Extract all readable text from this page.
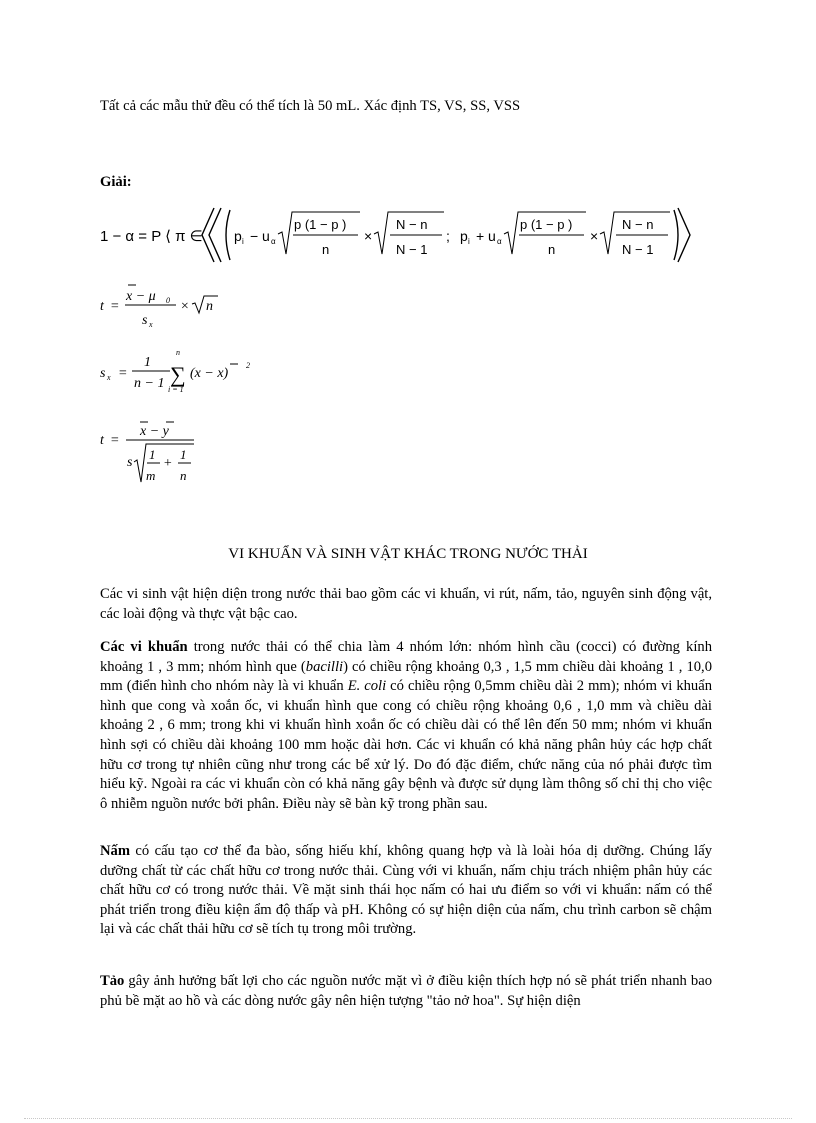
Tất cả các mẫu thử đều có thể tích là 50 mL. Xác định TS, VS, SS, VSS
Giải:
1 − α = P ⟨ π ∈ p i − u α
p (1 − p )
n
×
N − n
N − 1
; p i + u α
p (1 − p )
n
×
N − n
N − 1
t =
x − μ 0
s x
× n
s x =
1
n − 1
n
∑
i = 1
(x − x)
2
t =
x − y
s
1
m
+
1
n
VI KHUẨN VÀ SINH VẬT KHÁC TRONG NƯỚC THẢI
Các vi sinh vật hiện diện trong nước thải bao gồm các vi khuẩn, vi rút, nấm, tảo, nguyên sinh động vật, các loài động và thực vật bậc cao.
Các vi khuẩn trong nước thải có thể chia làm 4 nhóm lớn: nhóm hình cầu (cocci) có đường kính khoảng 1 , 3 mm; nhóm hình que (bacilli) có chiều rộng khoảng 0,3 , 1,5 mm chiều dài khoảng 1 , 10,0 mm (điển hình cho nhóm này là vi khuẩn E. coli có chiều rộng 0,5mm chiều dài 2 mm); nhóm vi khuẩn hình que cong và xoắn ốc, vi khuẩn hình que cong có chiều rộng khoảng 0,6 , 1,0 mm và chiều dài khoảng 2 , 6 mm; trong khi vi khuẩn hình xoắn ốc có chiều dài có thể lên đến 50 mm; nhóm vi khuẩn hình sợi có chiều dài khoảng 100 mm hoặc dài hơn. Các vi khuẩn có khả năng phân hủy các hợp chất hữu cơ trong tự nhiên cũng như trong các bể xử lý. Do đó đặc điểm, chức năng của nó phải được tìm hiểu kỹ. Ngoài ra các vi khuẩn còn có khả năng gây bệnh và được sử dụng làm thông số chỉ thị cho việc ô nhiễm nguồn nước bởi phân. Điều này sẽ bàn kỹ trong phần sau.
Nấm có cấu tạo cơ thể đa bào, sống hiếu khí, không quang hợp và là loài hóa dị dưỡng. Chúng lấy dưỡng chất từ các chất hữu cơ trong nước thải. Cùng với vi khuẩn, nấm chịu trách nhiệm phân hủy các chất hữu cơ có trong nước thải. Về mặt sinh thái học nấm có hai ưu điểm so với vi khuẩn: nấm có thể phát triển trong điều kiện ẩm độ thấp và pH. Không có sự hiện diện của nấm, chu trình carbon sẽ chậm lại và các chất thải hữu cơ sẽ tích tụ trong môi trường.
Tảo gây ảnh hưởng bất lợi cho các nguồn nước mặt vì ở điều kiện thích hợp nó sẽ phát triển nhanh bao phủ bề mặt ao hồ và các dòng nước gây nên hiện tượng "tảo nở hoa". Sự hiện diện
